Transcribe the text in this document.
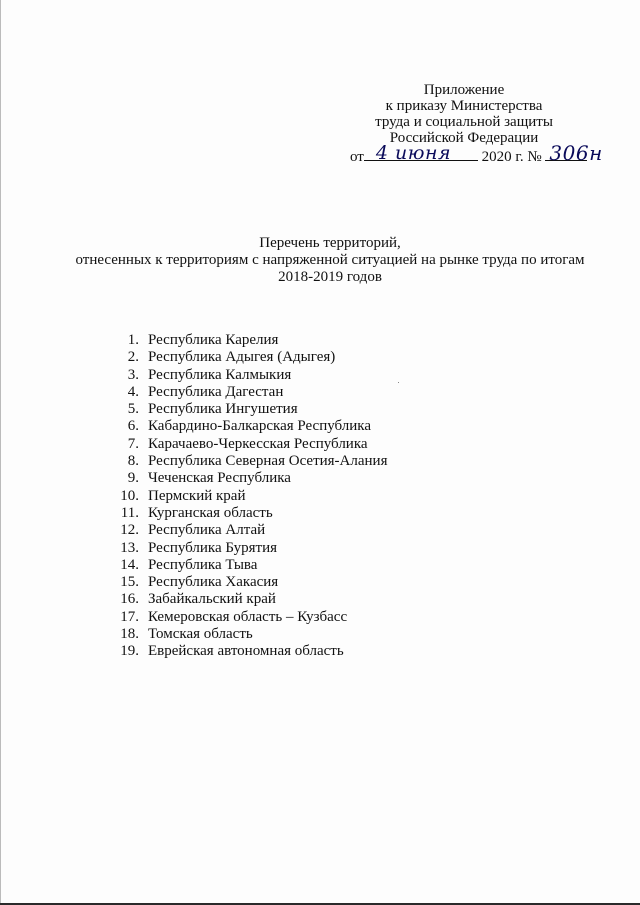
Приложение
к приказу Министерства
труда и социальной защиты
Российской Федерации
от 4 июня 2020 г. № 306н
Перечень территорий,
отнесенных к территориям с напряженной ситуацией на рынке труда по итогам
2018-2019 годов
1. Республика Карелия
2. Республика Адыгея (Адыгея)
3. Республика Калмыкия
4. Республика Дагестан
5. Республика Ингушетия
6. Кабардино-Балкарская Республика
7. Карачаево-Черкесская Республика
8. Республика Северная Осетия-Алания
9. Чеченская Республика
10. Пермский край
11. Курганская область
12. Республика Алтай
13. Республика Бурятия
14. Республика Тыва
15. Республика Хакасия
16. Забайкальский край
17. Кемеровская область – Кузбасс
18. Томская область
19. Еврейская автономная область
